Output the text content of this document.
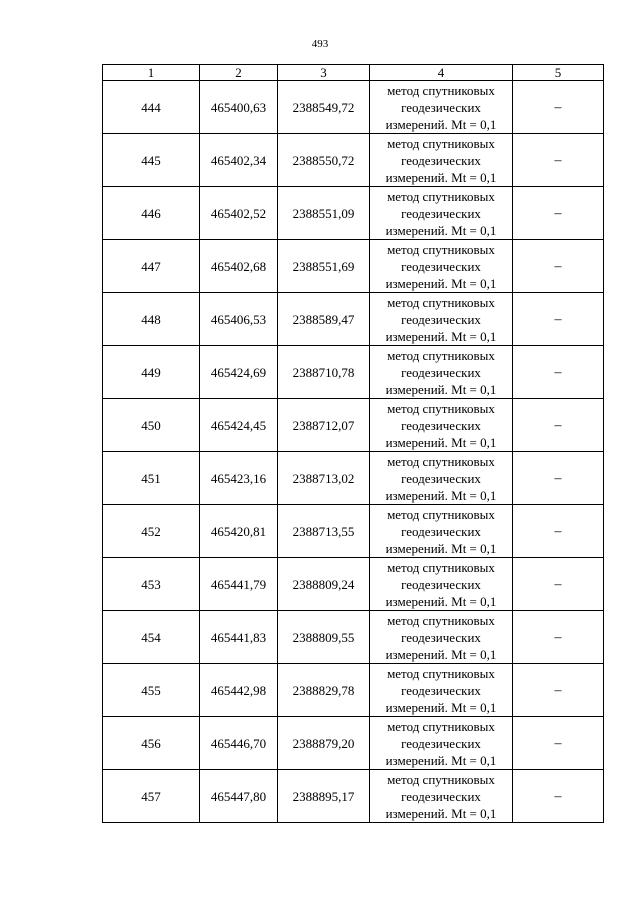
493
1	2	3	4	5
444	465400,63	2388549,72	метод спутниковых
геодезических
измерений. Mt = 0,1	–
445	465402,34	2388550,72	метод спутниковых
геодезических
измерений. Mt = 0,1	–
446	465402,52	2388551,09	метод спутниковых
геодезических
измерений. Mt = 0,1	–
447	465402,68	2388551,69	метод спутниковых
геодезических
измерений. Mt = 0,1	–
448	465406,53	2388589,47	метод спутниковых
геодезических
измерений. Mt = 0,1	–
449	465424,69	2388710,78	метод спутниковых
геодезических
измерений. Mt = 0,1	–
450	465424,45	2388712,07	метод спутниковых
геодезических
измерений. Mt = 0,1	–
451	465423,16	2388713,02	метод спутниковых
геодезических
измерений. Mt = 0,1	–
452	465420,81	2388713,55	метод спутниковых
геодезических
измерений. Mt = 0,1	–
453	465441,79	2388809,24	метод спутниковых
геодезических
измерений. Mt = 0,1	–
454	465441,83	2388809,55	метод спутниковых
геодезических
измерений. Mt = 0,1	–
455	465442,98	2388829,78	метод спутниковых
геодезических
измерений. Mt = 0,1	–
456	465446,70	2388879,20	метод спутниковых
геодезических
измерений. Mt = 0,1	–
457	465447,80	2388895,17	метод спутниковых
геодезических
измерений. Mt = 0,1	–
